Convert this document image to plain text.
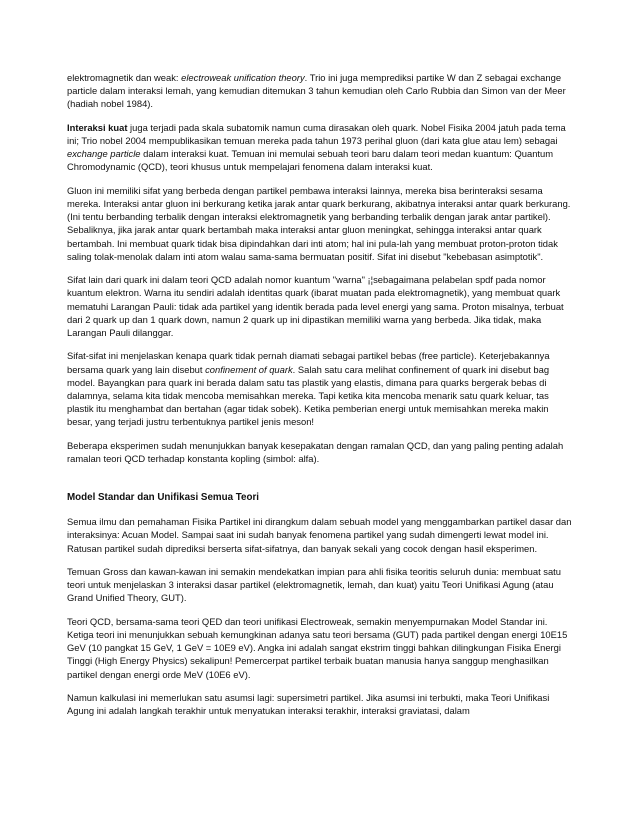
elektromagnetik dan weak: electroweak unification theory. Trio ini juga memprediksi partike W dan Z sebagai exchange particle dalam interaksi lemah, yang kemudian ditemukan 3 tahun kemudian oleh Carlo Rubbia dan Simon van der Meer (hadiah nobel 1984).

Interaksi kuat juga terjadi pada skala subatomik namun cuma dirasakan oleh quark. Nobel Fisika 2004 jatuh pada tema ini; Trio nobel 2004 mempublikasikan temuan mereka pada tahun 1973 perihal gluon (dari kata glue atau lem) sebagai exchange particle dalam interaksi kuat. Temuan ini memulai sebuah teori baru dalam teori medan kuantum: Quantum Chromodynamic (QCD), teori khusus untuk mempelajari fenomena dalam interaksi kuat.

Gluon ini memiliki sifat yang berbeda dengan partikel pembawa interaksi lainnya, mereka bisa berinteraksi sesama mereka. Interaksi antar gluon ini berkurang ketika jarak antar quark berkurang, akibatnya interaksi antar quark berkurang. (Ini tentu berbanding terbalik dengan interaksi elektromagnetik yang berbanding terbalik dengan jarak antar partikel). Sebaliknya, jika jarak antar quark bertambah maka interaksi antar gluon meningkat, sehingga interaksi antar quark bertambah. Ini membuat quark tidak bisa dipindahkan dari inti atom; hal ini pula-lah yang membuat proton-proton tidak saling tolak-menolak dalam inti atom walau sama-sama bermuatan positif. Sifat ini disebut "kebebasan asimptotik".

Sifat lain dari quark ini dalam teori QCD adalah nomor kuantum "warna" ¡¦sebagaimana pelabelan spdf pada nomor kuantum elektron. Warna itu sendiri adalah identitas quark (ibarat muatan pada elektromagnetik), yang membuat quark mematuhi Larangan Pauli: tidak ada partikel yang identik berada pada level energi yang sama. Proton misalnya, terbuat dari 2 quark up dan 1 quark down, namun 2 quark up ini dipastikan memiliki warna yang berbeda. Jika tidak, maka Larangan Pauli dilanggar.

Sifat-sifat ini menjelaskan kenapa quark tidak pernah diamati sebagai partikel bebas (free particle). Keterjebakannya bersama quark yang lain disebut confinement of quark. Salah satu cara melihat confinement of quark ini disebut bag model. Bayangkan para quark ini berada dalam satu tas plastik yang elastis, dimana para quarks bergerak bebas di dalamnya, selama kita tidak mencoba memisahkan mereka. Tapi ketika kita mencoba menarik satu quark keluar, tas plastik itu menghambat dan bertahan (agar tidak sobek). Ketika pemberian energi untuk memisahkan mereka makin besar, yang terjadi justru terbentuknya partikel jenis meson!

Beberapa eksperimen sudah menunjukkan banyak kesepakatan dengan ramalan QCD, dan yang paling penting adalah ramalan teori QCD terhadap konstanta kopling (simbol: alfa).

Model Standar dan Unifikasi Semua Teori

Semua ilmu dan pemahaman Fisika Partikel ini dirangkum dalam sebuah model yang menggambarkan partikel dasar dan interaksinya: Acuan Model. Sampai saat ini sudah banyak fenomena partikel yang sudah dimengerti lewat model ini. Ratusan partikel sudah diprediksi berserta sifat-sifatnya, dan banyak sekali yang cocok dengan hasil eksperimen.

Temuan Gross dan kawan-kawan ini semakin mendekatkan impian para ahli fisika teoritis seluruh dunia: membuat satu teori untuk menjelaskan 3 interaksi dasar partikel (elektromagnetik, lemah, dan kuat) yaitu Teori Unifikasi Agung (atau Grand Unified Theory, GUT).

Teori QCD, bersama-sama teori QED dan teori unifikasi Electroweak, semakin menyempurnakan Model Standar ini. Ketiga teori ini menunjukkan sebuah kemungkinan adanya satu teori bersama (GUT) pada partikel dengan energi 10E15 GeV (10 pangkat 15 GeV, 1 GeV = 10E9 eV). Angka ini adalah sangat ekstrim tinggi bahkan dilingkungan Fisika Energi Tinggi (High Energy Physics) sekalipun! Pemercerpat partikel terbaik buatan manusia hanya sanggup menghasilkan partikel dengan energi orde MeV (10E6 eV).

Namun kalkulasi ini memerlukan satu asumsi lagi: supersimetri partikel. Jika asumsi ini terbukti, maka Teori Unifikasi Agung ini adalah langkah terakhir untuk menyatukan interaksi terakhir, interaksi graviatasi, dalam
